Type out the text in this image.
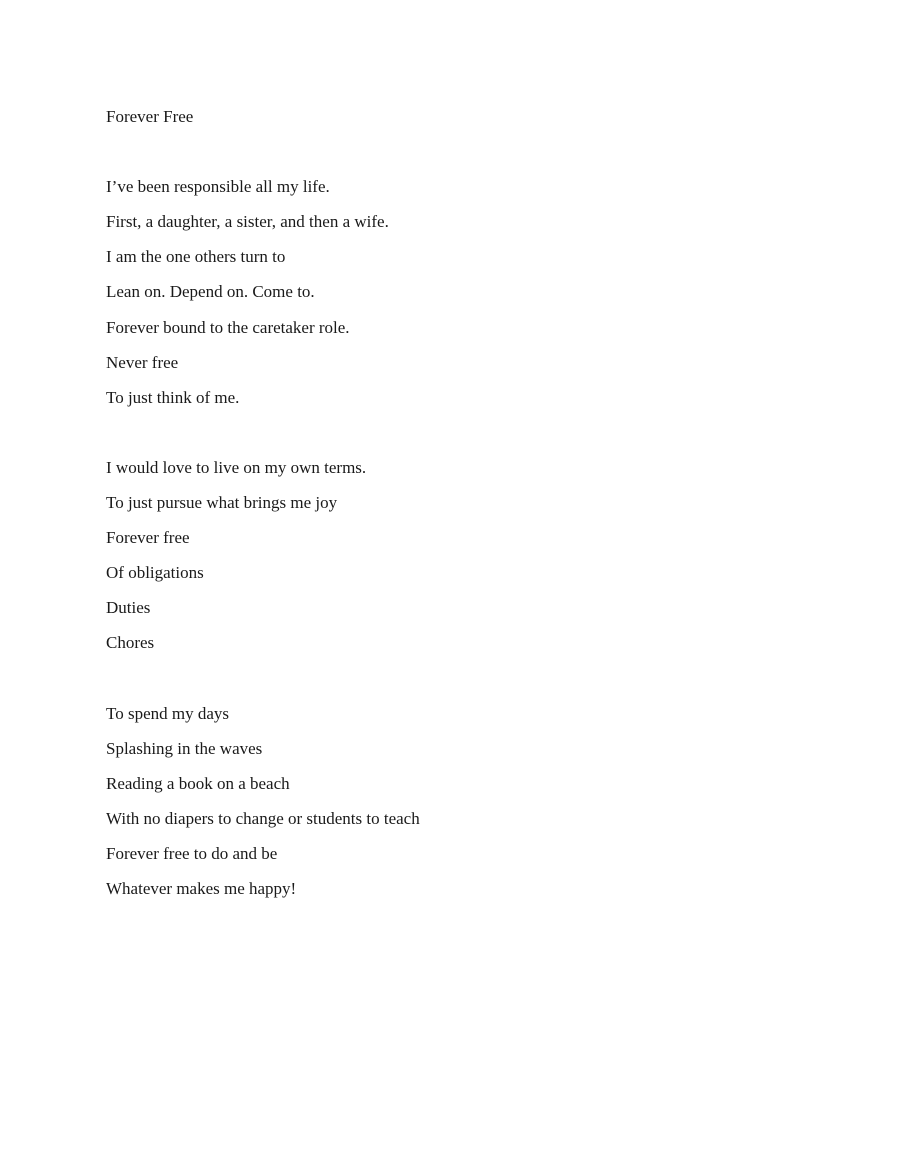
Forever Free
I’ve been responsible all my life.
First, a daughter, a sister, and then a wife.
I am the one others turn to
Lean on. Depend on. Come to.
Forever bound to the caretaker role.
Never free
To just think of me.
I would love to live on my own terms.
To just pursue what brings me joy
Forever free
Of obligations
Duties
Chores
To spend my days
Splashing in the waves
Reading a book on a beach
With no diapers to change or students to teach
Forever free to do and be
Whatever makes me happy!
